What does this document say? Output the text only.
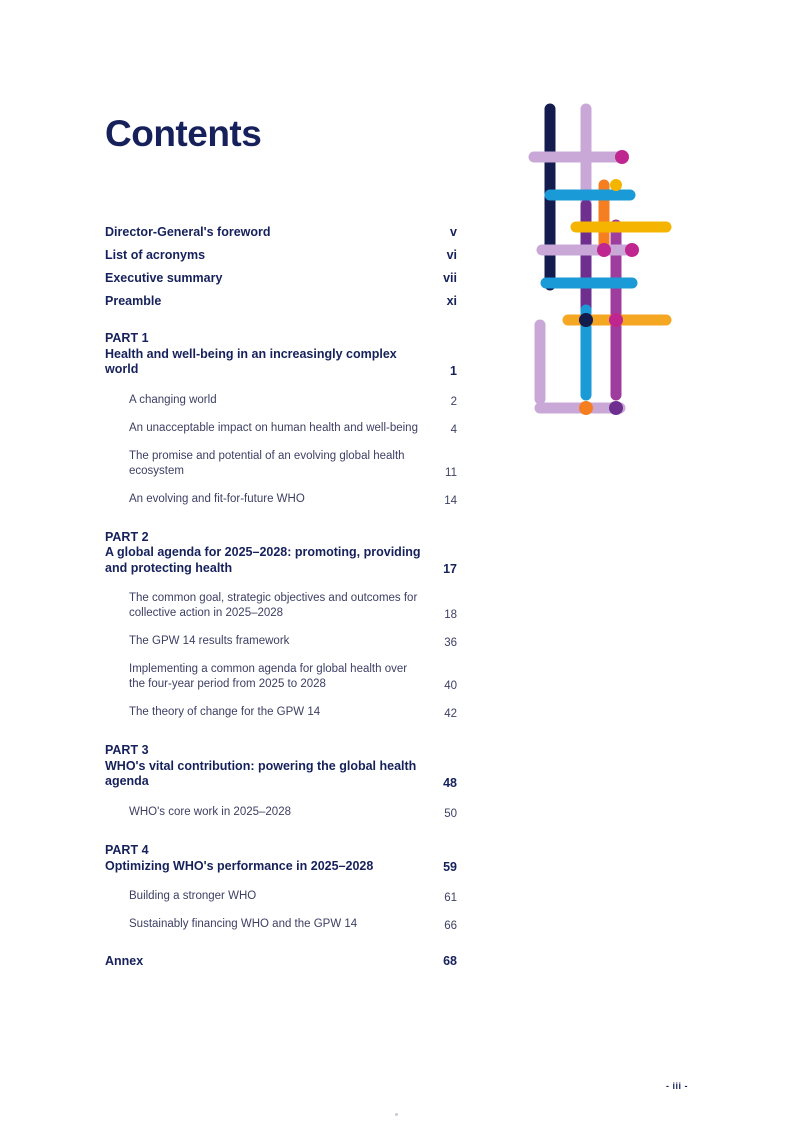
Contents
Director-General's foreword	v
List of acronyms	vi
Executive summary	vii
Preamble	xi
PART 1
Health and well-being in an increasingly complex world	1
A changing world	2
An unacceptable impact on human health and well-being	4
The promise and potential of an evolving global health ecosystem	11
An evolving and fit-for-future WHO	14
PART 2
A global agenda for 2025–2028: promoting, providing and protecting health	17
The common goal, strategic objectives and outcomes for collective action in 2025–2028	18
The GPW 14 results framework	36
Implementing a common agenda for global health over the four-year period from 2025 to 2028	40
The theory of change for the GPW 14	42
PART 3
WHO's vital contribution: powering the global health agenda	48
WHO's core work in 2025–2028	50
PART 4
Optimizing WHO's performance in 2025–2028	59
Building a stronger WHO	61
Sustainably financing WHO and the GPW 14	66
Annex	68
- iii -
